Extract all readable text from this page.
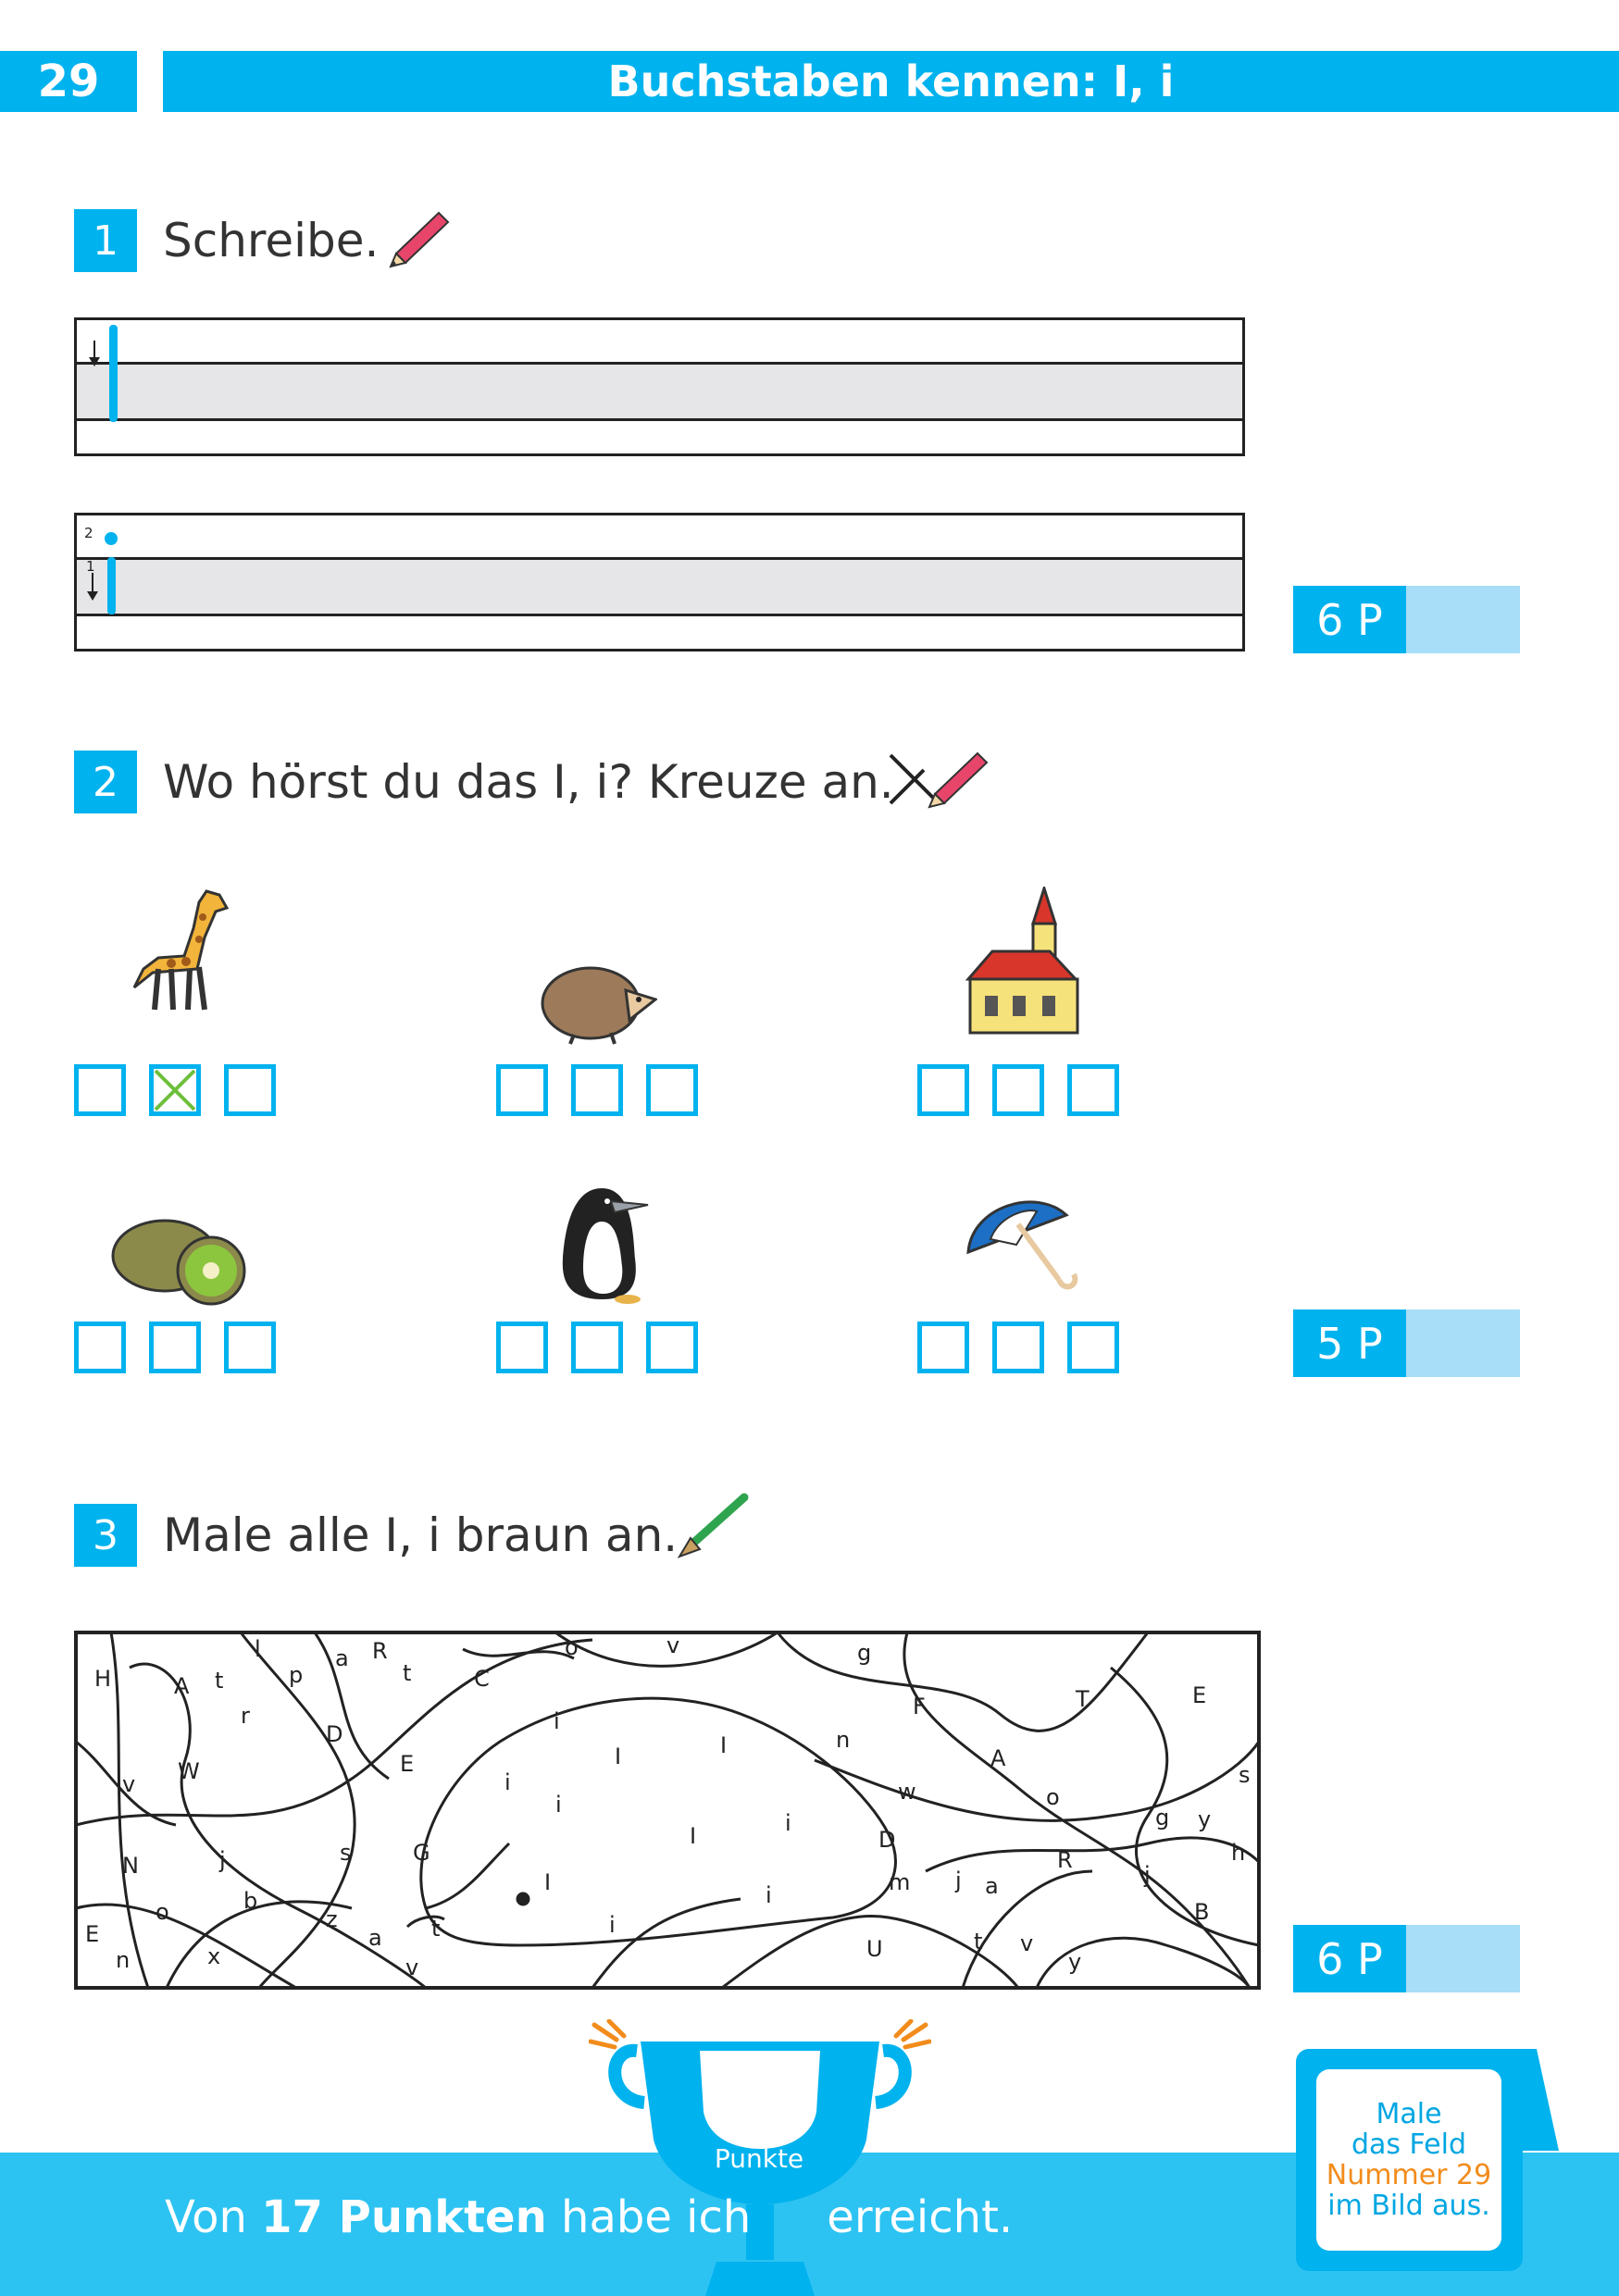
29	Buchstaben kennen: I, i
1 Schreibe.
2
1
6 P
2 Wo hörst du das I, i? Kreuze an.
5 P
3 Male alle I, i braun an.
H	A t
l
p
a R
t	C
o	v	g
F	T	E
r
D	i
I	I	n
A
s
v W	E
i
i	w	o
g y
N	j	s	G
I	i
D
R	h
E
o	b
z
a t
I	i	m j a	j
B
n	x	v
i
U	t v
y	6 P
Punkte
Von 17 Punkten habe ich erreicht.
Male
das Feld
Nummer 29
im Bild aus.
